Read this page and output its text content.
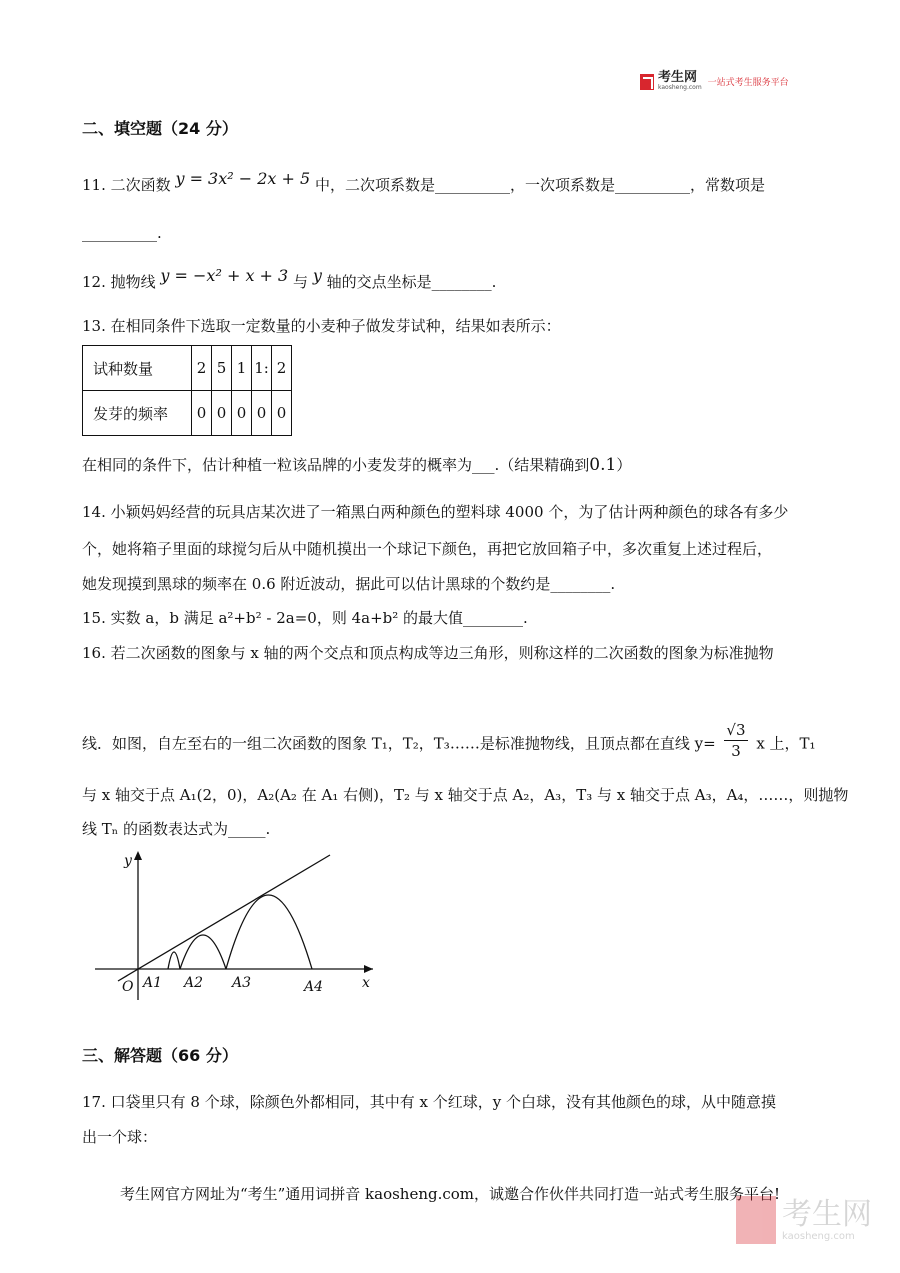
考生网
kaosheng.com 一站式考生服务平台
二、填空题（24 分）
11. 二次函数 y = 3x² − 2x + 5 中，二次项系数是__________，一次项系数是__________，常数项是
__________.
12. 抛物线 y = −x² + x + 3 与 y 轴的交点坐标是________.
13. 在相同条件下选取一定数量的小麦种子做发芽试种，结果如表所示：
试种数量	2	5	1	1:	2
发芽的频率	0	0	0	0	0
在相同的条件下，估计种植一粒该品牌的小麦发芽的概率为___.（结果精确到0.1）
14. 小颖妈妈经营的玩具店某次进了一箱黑白两种颜色的塑料球 4000 个，为了估计两种颜色的球各有多少
个，她将箱子里面的球搅匀后从中随机摸出一个球记下颜色，再把它放回箱子中，多次重复上述过程后，
她发现摸到黑球的频率在 0.6 附近波动，据此可以估计黑球的个数约是________.
15. 实数 a，b 满足 a²+b² - 2a=0，则 4a+b² 的最大值________.
16. 若二次函数的图象与 x 轴的两个交点和顶点构成等边三角形，则称这样的二次函数的图象为标准抛物
线．如图，自左至右的一组二次函数的图象 T₁，T₂，T₃……是标准抛物线，且顶点都在直线 $y= \frac{√3}{3}$ x 上，T₁
与 x 轴交于点 A₁(2，0)，A₂(A₂ 在 A₁ 右侧)，T₂ 与 x 轴交于点 A₂，A₃，T₃ 与 x 轴交于点 A₃，A₄，……，则抛物
线 Tₙ 的函数表达式为_____.
y
x
O A1 A2 A3	A4
三、解答题（66 分）
17. 口袋里只有 8 个球，除颜色外都相同，其中有 x 个红球，y 个白球，没有其他颜色的球，从中随意摸
出一个球：
考生网官方网址为“考生”通用词拼音 kaosheng.com，诚邀合作伙伴共同打造一站式考生服务平台!
考生网
kaosheng.com
